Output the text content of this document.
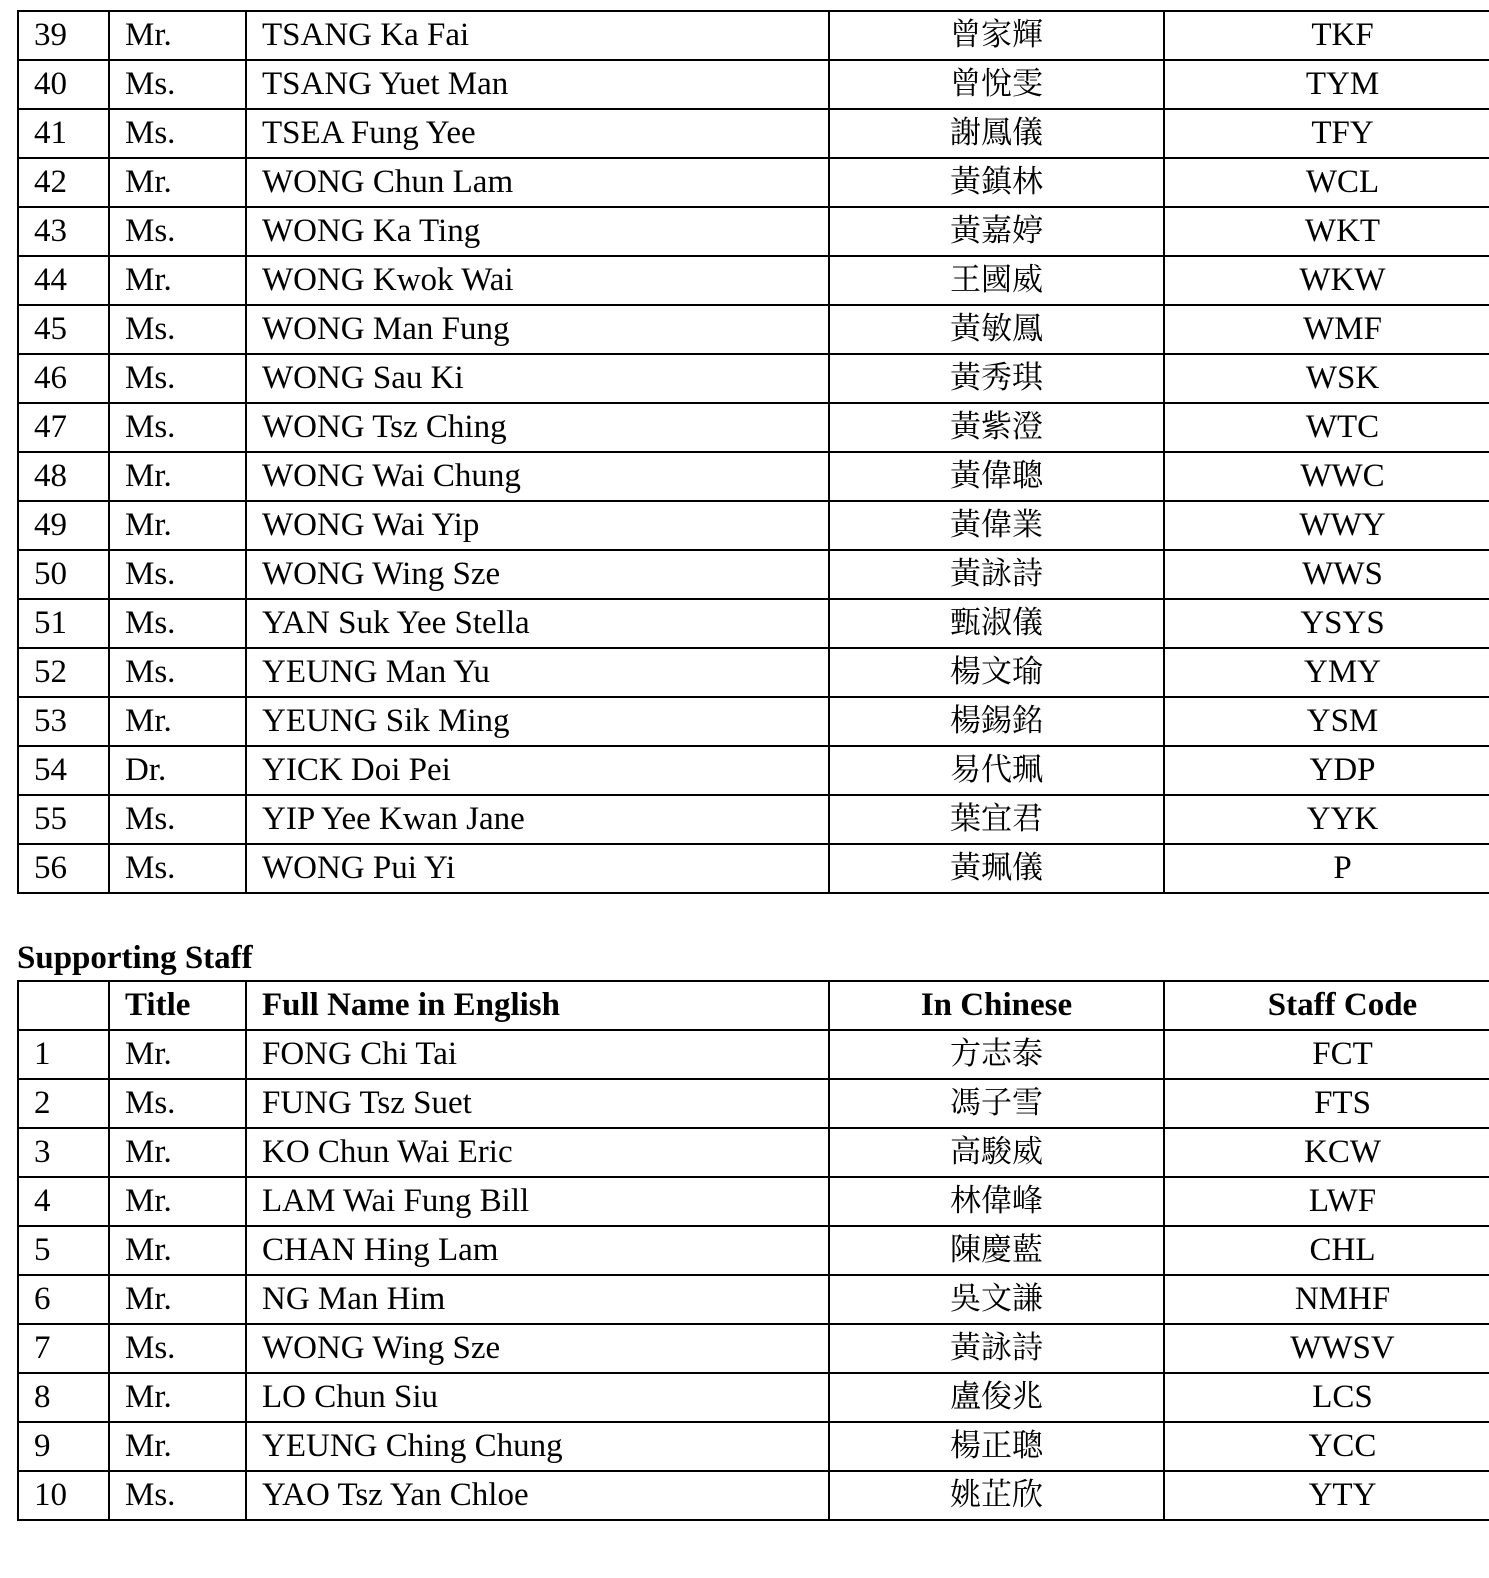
39	Mr.	TSANG Ka Fai	曾家輝	TKF
40	Ms.	TSANG Yuet Man	曾悅雯	TYM
41	Ms.	TSEA Fung Yee	謝鳳儀	TFY
42	Mr.	WONG Chun Lam	黃鎮林	WCL
43	Ms.	WONG Ka Ting	黃嘉婷	WKT
44	Mr.	WONG Kwok Wai	王國威	WKW
45	Ms.	WONG Man Fung	黃敏鳳	WMF
46	Ms.	WONG Sau Ki	黃秀琪	WSK
47	Ms.	WONG Tsz Ching	黃紫澄	WTC
48	Mr.	WONG Wai Chung	黃偉聰	WWC
49	Mr.	WONG Wai Yip	黃偉業	WWY
50	Ms.	WONG Wing Sze	黃詠詩	WWS
51	Ms.	YAN Suk Yee Stella	甄淑儀	YSYS
52	Ms.	YEUNG Man Yu	楊文瑜	YMY
53	Mr.	YEUNG Sik Ming	楊錫銘	YSM
54	Dr.	YICK Doi Pei	易代珮	YDP
55	Ms.	YIP Yee Kwan Jane	葉宜君	YYK
56	Ms.	WONG Pui Yi	黃珮儀	P
Supporting Staff
	Title	Full Name in English	In Chinese	Staff Code
1	Mr.	FONG Chi Tai	方志泰	FCT
2	Ms.	FUNG Tsz Suet	馮子雪	FTS
3	Mr.	KO Chun Wai Eric	高駿威	KCW
4	Mr.	LAM Wai Fung Bill	林偉峰	LWF
5	Mr.	CHAN Hing Lam	陳慶藍	CHL
6	Mr.	NG Man Him	吳文謙	NMHF
7	Ms.	WONG Wing Sze	黃詠詩	WWSV
8	Mr.	LO Chun Siu	盧俊兆	LCS
9	Mr.	YEUNG Ching Chung	楊正聰	YCC
10	Ms.	YAO Tsz Yan Chloe	姚芷欣	YTY
